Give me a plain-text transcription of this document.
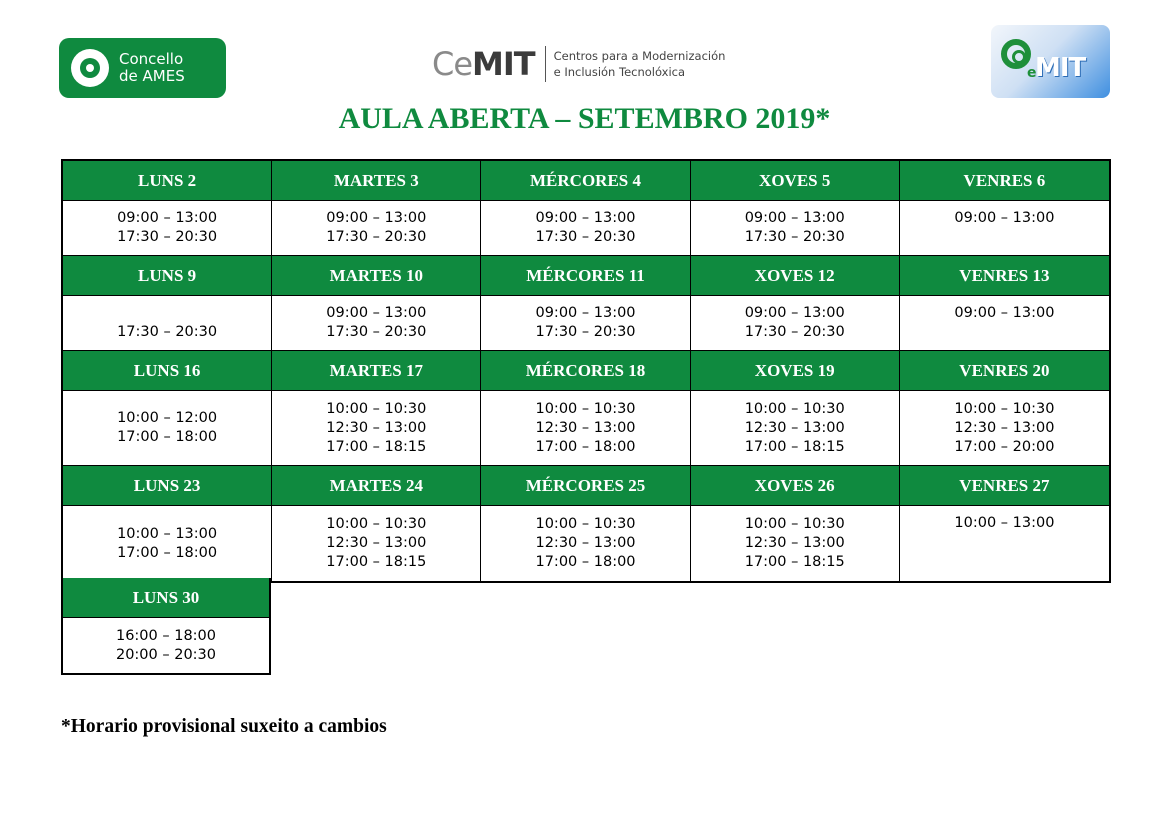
Concello
de AMES	Ce MIT Centros para a Modernización
e Inclusión Tecnolóxica	e
MIT
AULA ABERTA – SETEMBRO 2019*
LUNS 2
09:00 – 13:00
17:30 – 20:30
MARTES 3
09:00 – 13:00
17:30 – 20:30
MÉRCORES 4
09:00 – 13:00
17:30 – 20:30
XOVES 5
09:00 – 13:00
17:30 – 20:30
VENRES 6
09:00 – 13:00
LUNS 9
17:30 – 20:30
MARTES 10
09:00 – 13:00
17:30 – 20:30
MÉRCORES 11
09:00 – 13:00
17:30 – 20:30
XOVES 12
09:00 – 13:00
17:30 – 20:30
VENRES 13
09:00 – 13:00
LUNS 16
10:00 – 12:00
17:00 – 18:00
MARTES 17
10:00 – 10:30
12:30 – 13:00
17:00 – 18:15
MÉRCORES 18
10:00 – 10:30
12:30 – 13:00
17:00 – 18:00
XOVES 19
10:00 – 10:30
12:30 – 13:00
17:00 – 18:15
VENRES 20
10:00 – 10:30
12:30 – 13:00
17:00 – 20:00
LUNS 23
10:00 – 13:00
17:00 – 18:00
MARTES 24
10:00 – 10:30
12:30 – 13:00
17:00 – 18:15
MÉRCORES 25
10:00 – 10:30
12:30 – 13:00
17:00 – 18:00
XOVES 26
10:00 – 10:30
12:30 – 13:00
17:00 – 18:15
VENRES 27
10:00 – 13:00
LUNS 30
16:00 – 18:00
20:00 – 20:30
*Horario provisional suxeito a cambios
